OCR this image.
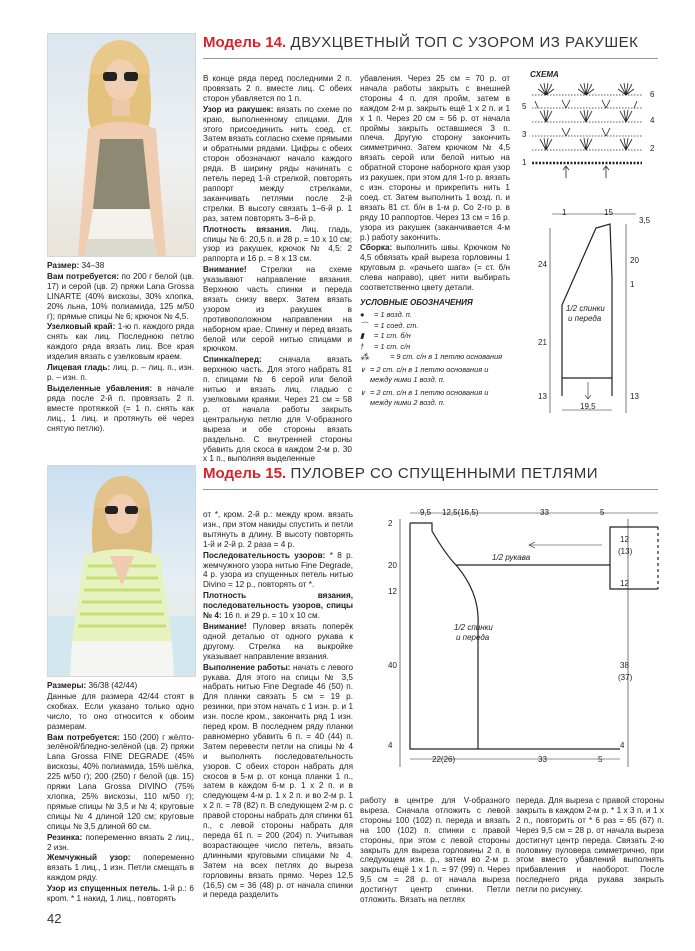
Модель 14. ДВУХЦВЕТНЫЙ ТОП С УЗОРОМ ИЗ РАКУШЕК

Размер: 34–38

Вам потребуется: по 200 г белой (цв. 17) и серой (цв. 2) пряжи Lana Grossa LINARTE (40% вискозы, 30% хлопка, 20% льна, 10% полиамида, 125 м/50 г); прямые спицы № 6; крючок № 4,5.

Узелковый край: 1-ю п. каждого ряда снять как лиц. Последнюю петлю каждого ряда вязать лиц. Все края изделия вязать с узелковым краем.

Лицевая гладь: лиц. р. – лиц. п., изн. р. – изн. п.

Выделенные убавления: в начале ряда после 2-й п. провязать 2 п. вместе протяжкой (= 1 п. снять как лиц., 1 лиц. и протянуть её через снятую петлю).

В конце ряда перед последними 2 п. провязать 2 п. вместе лиц. С обеих сторон убавляется по 1 п.

Узор из ракушек: вязать по схеме по краю, выполненному спицами. Для этого присоединить нить соед. ст. Затем вязать согласно схеме прямыми и обратными рядами. Цифры с обеих сторон обозначают начало каждого ряда. В ширину ряды начинать с петель перед 1-й стрелкой, повторять раппорт между стрелками, заканчивать петлями после 2-й стрелки. В высоту связать 1–6-й р. 1 раз, затем повторять 3–6-й р.

Плотность вязания. Лиц. гладь, спицы № 6: 20,5 п. и 28 р. = 10 х 10 см; узор из ракушек, крючок № 4,5: 2 раппорта и 16 р. = 8 х 13 см.

Внимание! Стрелки на схеме указывают направление вязания. Верхнюю часть спинки и переда вязать снизу вверх. Затем вязать узором из ракушек в противоположном направлении на наборном крае. Спинку и перед вязать белой или серой нитью спицами и крючком.

Спинка/перед: сначала вязать верхнюю часть. Для этого набрать 81 п. спицами № 6 серой или белой нитью и вязать лиц. гладью с узелковыми краями. Через 21 см = 58 р. от начала работы закрыть центральную петлю для V-образного выреза и обе стороны вязать раздельно. С внутренней стороны убавить для скоса в каждом 2-м р. 30 х 1 п., выполняя выделенные

убавления. Через 25 см = 70 р. от начала работы закрыть с внешней стороны 4 п. для пройм, затем в каждом 2-м р. закрыть ещё 1 х 2 п. и 1 х 1 п. Через 20 см = 56 р. от начала проймы закрыть оставшиеся 3 п. плеча. Другую сторону закончить симметрично. Затем крючком № 4,5 вязать серой или белой нитью на обратной стороне наборного края узор из ракушек, при этом для 1-го р. вязать с изн. стороны и прикрепить нить 1 соед. ст. Затем выполнить 1 возд. п. и вязать 81 ст. б/н в 1-м р. Со 2-го р. в ряду 10 раппортов. Через 13 см = 16 р. узора из ракушек (заканчивается 4-м р.) работу закончить.

Сборка: выполнить швы. Крючком № 4,5 обвязать край выреза горловины 1 круговым р. «рачьего шага» (= ст. б/н слева направо), цвет нити выбирать соответственно цвету детали.

УСЛОВНЫЕ ОБОЗНАЧЕНИЯ
●	= 1 возд. п.
⌒ = 1 соед. ст.
▮	= 1 ст. б/н
†	= 1 ст. с/н
⁂	= 9 ст. с/н в 1 петлю основания
∨ = 2 ст. с/н в 1 петлю основания и между ними 1 возд. п.
∨ = 2 ст. с/н в 1 петлю основания и между ними 2 возд. п.
СХЕМА
6
5
4
3
2
1
1	15
3,5
24	20
1
21
13	13
19,5
1/2 спинки
и переда
Модель 15. ПУЛОВЕР СО СПУЩЕННЫМИ ПЕТЛЯМИ

Размеры: 36/38 (42/44)

Данные для размера 42/44 стоят в скобках. Если указано только одно число, то оно относится к обоим размерам.

Вам потребуется: 150 (200) г жёлто-зелёной/бледно-зелёной (цв. 2) пряжи Lana Grossa FINE DEGRADE (45% вискозы, 40% полиамида, 15% шёлка, 225 м/50 г); 200 (250) г белой (цв. 15) пряжи Lana Grossa DIVINO (75% хлопка, 25% вискозы, 110 м/50 г); прямые спицы № 3,5 и № 4; круговые спицы № 4 длиной 120 см; круговые спицы № 3,5 длиной 60 см.

Резинка: попеременно вязать 2 лиц., 2 изн.

Жемчужный узор: попеременно вязать 1 лиц., 1 изн. Петли смещать в каждом ряду.

Узор из спущенных петель. 1-й р.: 6 крom. * 1 накид, 1 лиц., повторять

от *, кром. 2-й р.: между кром. вязать изн., при этом накиды спустить и петли вытянуть в длину. В высоту повторять 1-й и 2-й р. 2 раза = 4 р.

Последовательность узоров: * 8 р. жемчужного узора нитью Fine Degrade, 4 р. узора из спущенных петель нитью Divino = 12 р., повторять от *.

Плотность вязания, последовательность узоров, спицы № 4: 16 п. и 29 р. = 10 х 10 см.

Внимание! Пуловер вязать поперёк одной деталью от одного рукава к другому. Стрелка на выкройке указывает направление вязания.

Выполнение работы: начать с левого рукава. Для этого на спицы № 3,5 набрать нитью Fine Degrade 46 (50) п. Для планки связать 5 см = 19 р. резинки, при этом начать с 1 изн. р. и 1 изн. после кром., закончить ряд 1 изн. перед кром. В последнем ряду планки равномерно убавить 6 п. = 40 (44) п. Затем перевести петли на спицы № 4 и выполнять последовательность узоров. С обеих сторон набрать для скосов в 5-м р. от конца планки 1 п., затем в каждом 6-м р. 1 х 2 п. и в следующем 4-м р. 1 х 2 п. и во 2-м р. 1 х 2 п. = 78 (82) п. В следующем 2-м р. с правой стороны набрать для спинки 61 п., с левой стороны набрать для переда 61 п. = 200 (204) п. Учитывая возрастающее число петель, вязать длинными круговыми спицами № 4. Затем на всех петлях до выреза горловины вязать прямо. Через 12,5 (16,5) см = 36 (48) р. от начала спинки и переда разделить

9,5 12,5(16,5)	33	5
2
20
12
40
4
12
(13)
12
38
(37)
4
22(26)	33	5
1/2 рукава
1/2 спинки
и переда

работу в центре для V-образного выреза. Сначала отложить с левой стороны 100 (102) п. переда и вязать на 100 (102) п. спинки с правой стороны, при этом с левой стороны закрыть для выреза горловины 2 п. в следующем изн. р., затем во 2-м р. закрыть ещё 1 х 1 п. = 97 (99) п. Через 9,5 см = 28 р. от начала выреза достигнут центр спинки. Петли отложить. Вязать на петлях

переда. Для выреза с правой стороны закрыть в каждом 2-м р. * 1 х 3 п. и 1 х 2 п., повторить от * 6 раз = 65 (67) п. Через 9,5 см = 28 р. от начала выреза достигнут центр переда. Связать 2-ю половину пуловера симметрично, при этом вместо убавлений выполнять прибавления и наоборот. После последнего ряда рукава закрыть петли по рисунку.

42
